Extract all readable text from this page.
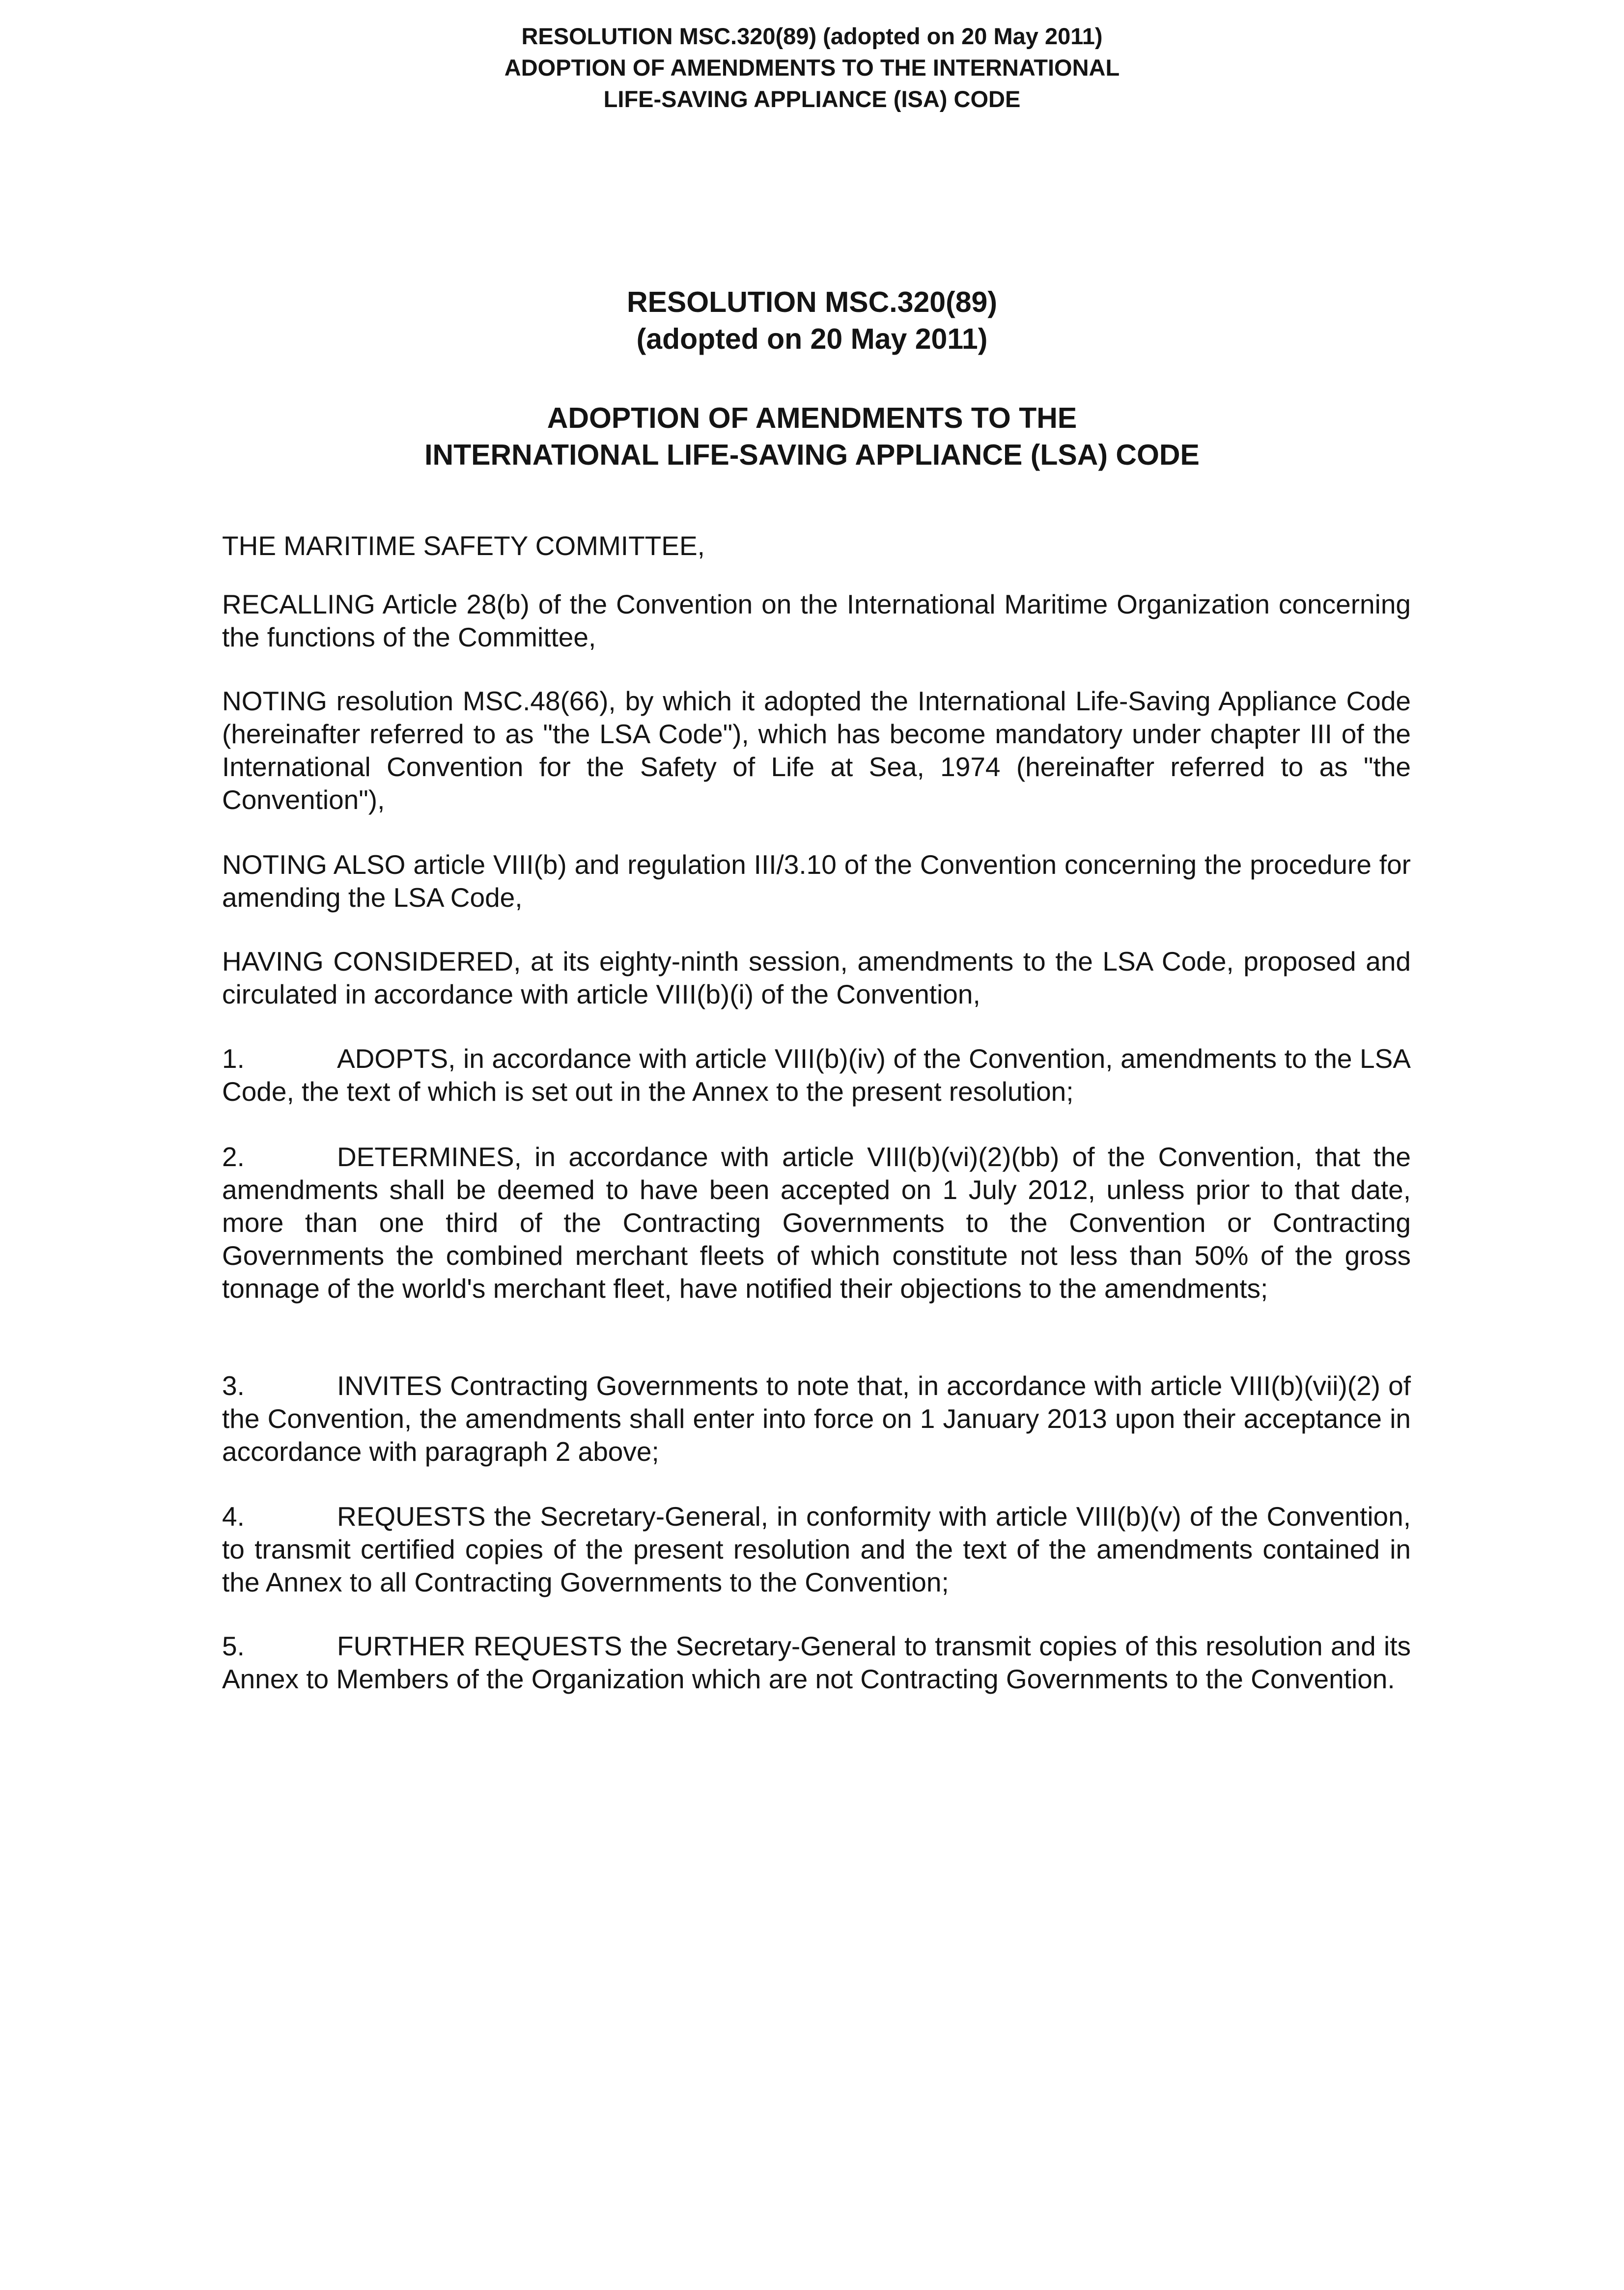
RESOLUTION MSC.320(89) (adopted on 20 May 2011)
ADOPTION OF AMENDMENTS TO THE INTERNATIONAL
LIFE-SAVING APPLIANCE (ISA) CODE
RESOLUTION MSC.320(89)
(adopted on 20 May 2011)
ADOPTION OF AMENDMENTS TO THE
INTERNATIONAL LIFE-SAVING APPLIANCE (LSA) CODE
THE MARITIME SAFETY COMMITTEE,
RECALLING Article 28(b) of the Convention on the International Maritime Organization concerning the functions of the Committee,
NOTING resolution MSC.48(66), by which it adopted the International Life-Saving Appliance Code (hereinafter referred to as "the LSA Code"), which has become mandatory under chapter III of the International Convention for the Safety of Life at Sea, 1974 (hereinafter referred to as "the Convention"),
NOTING ALSO article VIII(b) and regulation III/3.10 of the Convention concerning the procedure for amending the LSA Code,
HAVING CONSIDERED, at its eighty-ninth session, amendments to the LSA Code, proposed and circulated in accordance with article VIII(b)(i) of the Convention,
1.	ADOPTS, in accordance with article VIII(b)(iv) of the Convention, amendments to the LSA Code, the text of which is set out in the Annex to the present resolution;
2.	DETERMINES, in accordance with article VIII(b)(vi)(2)(bb) of the Convention, that the amendments shall be deemed to have been accepted on 1 July 2012, unless prior to that date, more than one third of the Contracting Governments to the Convention or Contracting Governments the combined merchant fleets of which constitute not less than 50% of the gross tonnage of the world's merchant fleet, have notified their objections to the amendments;
3.	INVITES Contracting Governments to note that, in accordance with article VIII(b)(vii)(2) of the Convention, the amendments shall enter into force on 1 January 2013 upon their acceptance in accordance with paragraph 2 above;
4.	REQUESTS the Secretary-General, in conformity with article VIII(b)(v) of the Convention, to transmit certified copies of the present resolution and the text of the amendments contained in the Annex to all Contracting Governments to the Convention;
5.	FURTHER REQUESTS the Secretary-General to transmit copies of this resolution and its Annex to Members of the Organization which are not Contracting Governments to the Convention.
